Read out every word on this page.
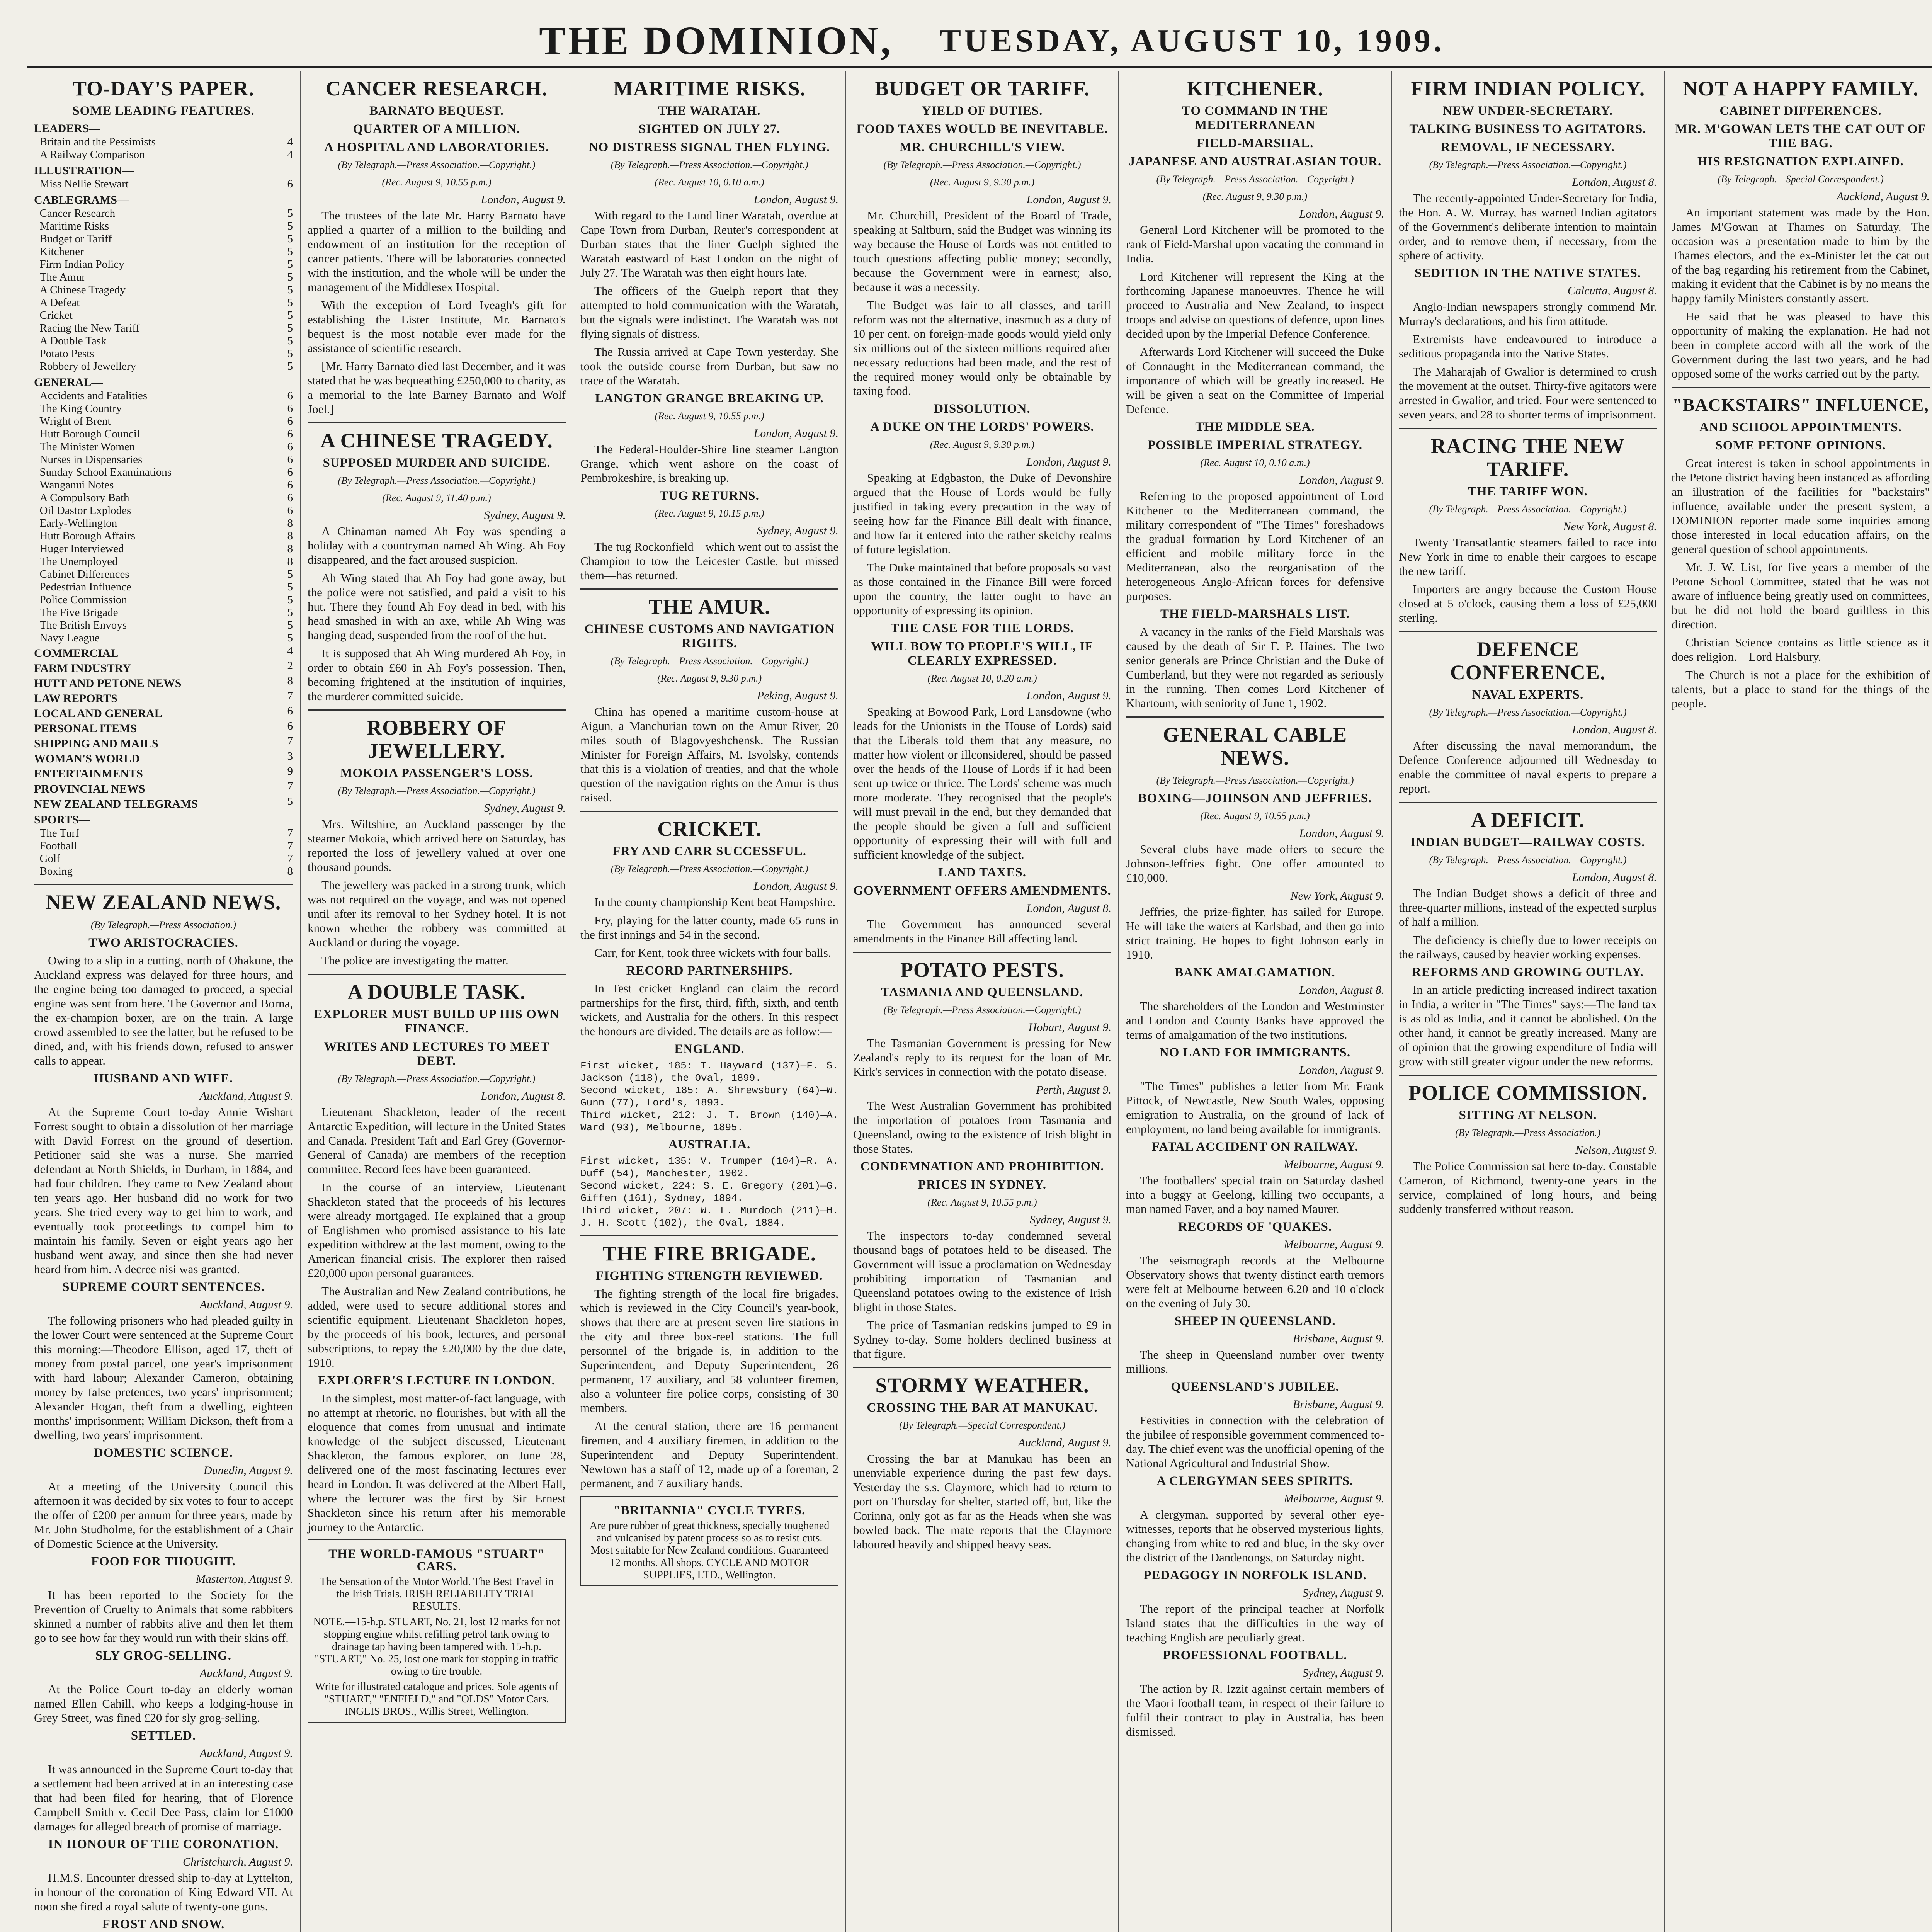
THE DOMINION, TUESDAY, AUGUST 10, 1909.
TO-DAY'S PAPER.
SOME LEADING FEATURES.
LEADERS—
Britain and the Pessimists	4
A Railway Comparison	4
ILLUSTRATION—
Miss Nellie Stewart	6
CABLEGRAMS—
Cancer Research	5
Maritime Risks	5
Budget or Tariff	5
Kitchener	5
Firm Indian Policy	5
The Amur	5
A Chinese Tragedy	5
A Defeat	5
Cricket	5
Racing the New Tariff	5
A Double Task	5
Potato Pests	5
Robbery of Jewellery	5
GENERAL—
Accidents and Fatalities	6
The King Country	6
Wright of Brent	6
Hutt Borough Council	6
The Minister Women	6
Nurses in Dispensaries	6
Sunday School Examinations	6
Wanganui Notes	6
A Compulsory Bath	6
Oil Dastor Explodes	6
Early-Wellington	8
Hutt Borough Affairs	8
Huger Interviewed	8
The Unemployed	8
Cabinet Differences	5
Pedestrian Influence	5
Police Commission	5
The Five Brigade	5
The British Envoys	5
Navy League	5
COMMERCIAL	4
FARM INDUSTRY	2
HUTT AND PETONE NEWS	8
LAW REPORTS	7
LOCAL AND GENERAL	6
PERSONAL ITEMS	6
SHIPPING AND MAILS	7
WOMAN'S WORLD	3
ENTERTAINMENTS	9
PROVINCIAL NEWS	7
NEW ZEALAND TELEGRAMS	5
SPORTS—
The Turf	7
Football	7
Golf	7
Boxing	8
NEW ZEALAND NEWS.
(By Telegraph.—Press Association.)
TWO ARISTOCRACIES.

Owing to a slip in a cutting, north of Ohakune, the Auckland express was delayed for three hours, and the engine being too damaged to proceed, a special engine was sent from here. The Governor and Borna, the ex-champion boxer, are on the train. A large crowd assembled to see the latter, but he refused to be dined, and, with his friends down, refused to answer calls to appear.

HUSBAND AND WIFE.
Auckland, August 9.

At the Supreme Court to-day Annie Wishart Forrest sought to obtain a dissolution of her marriage with David Forrest on the ground of desertion. Petitioner said she was a nurse. She married defendant at North Shields, in Durham, in 1884, and had four children. They came to New Zealand about ten years ago. Her husband did no work for two years. She tried every way to get him to work, and eventually took proceedings to compel him to maintain his family. Seven or eight years ago her husband went away, and since then she had never heard from him. A decree nisi was granted.

SUPREME COURT SENTENCES.
Auckland, August 9.

The following prisoners who had pleaded guilty in the lower Court were sentenced at the Supreme Court this morning:—Theodore Ellison, aged 17, theft of money from postal parcel, one year's imprisonment with hard labour; Alexander Cameron, obtaining money by false pretences, two years' imprisonment; Alexander Hogan, theft from a dwelling, eighteen months' imprisonment; William Dickson, theft from a dwelling, two years' imprisonment.

DOMESTIC SCIENCE.
Dunedin, August 9.

At a meeting of the University Council this afternoon it was decided by six votes to four to accept the offer of £200 per annum for three years, made by Mr. John Studholme, for the establishment of a Chair of Domestic Science at the University.

FOOD FOR THOUGHT.
Masterton, August 9.

It has been reported to the Society for the Prevention of Cruelty to Animals that some rabbiters skinned a number of rabbits alive and then let them go to see how far they would run with their skins off.

SLY GROG-SELLING.
Auckland, August 9.

At the Police Court to-day an elderly woman named Ellen Cahill, who keeps a lodging-house in Grey Street, was fined £20 for sly grog-selling.

SETTLED.
Auckland, August 9.

It was announced in the Supreme Court to-day that a settlement had been arrived at in an interesting case that had been filed for hearing, that of Florence Campbell Smith v. Cecil Dee Pass, claim for £1000 damages for alleged breach of promise of marriage.

IN HONOUR OF THE CORONATION.
Christchurch, August 9.

H.M.S. Encounter dressed ship to-day at Lyttelton, in honour of the coronation of King Edward VII. At noon she fired a royal salute of twenty-one guns.

FROST AND SNOW.

CANCER RESEARCH.
BARNATO BEQUEST.
QUARTER OF A MILLION.
A HOSPITAL AND LABORATORIES.
(By Telegraph.—Press Association.—Copyright.)
(Rec. August 9, 10.55 p.m.)
London, August 9.

The trustees of the late Mr. Harry Barnato have applied a quarter of a million to the building and endowment of an institution for the reception of cancer patients. There will be laboratories connected with the institution, and the whole will be under the management of the Middlesex Hospital.

With the exception of Lord Iveagh's gift for establishing the Lister Institute, Mr. Barnato's bequest is the most notable ever made for the assistance of scientific research.

[Mr. Harry Barnato died last December, and it was stated that he was bequeathing £250,000 to charity, as a memorial to the late Barney Barnato and Wolf Joel.]

A CHINESE TRAGEDY.
SUPPOSED MURDER AND SUICIDE.
(By Telegraph.—Press Association.—Copyright.)
(Rec. August 9, 11.40 p.m.)
Sydney, August 9.

A Chinaman named Ah Foy was spending a holiday with a countryman named Ah Wing. Ah Foy disappeared, and the fact aroused suspicion.

Ah Wing stated that Ah Foy had gone away, but the police were not satisfied, and paid a visit to his hut. There they found Ah Foy dead in bed, with his head smashed in with an axe, while Ah Wing was hanging dead, suspended from the roof of the hut.

It is supposed that Ah Wing murdered Ah Foy, in order to obtain £60 in Ah Foy's possession. Then, becoming frightened at the institution of inquiries, the murderer committed suicide.

ROBBERY OF JEWELLERY.
MOKOIA PASSENGER'S LOSS.
(By Telegraph.—Press Association.—Copyright.)
Sydney, August 9.

Mrs. Wiltshire, an Auckland passenger by the steamer Mokoia, which arrived here on Saturday, has reported the loss of jewellery valued at over one thousand pounds.

The jewellery was packed in a strong trunk, which was not required on the voyage, and was not opened until after its removal to her Sydney hotel. It is not known whether the robbery was committed at Auckland or during the voyage.

The police are investigating the matter.

A DOUBLE TASK.
EXPLORER MUST BUILD UP HIS OWN FINANCE.
WRITES AND LECTURES TO MEET DEBT.
(By Telegraph.—Press Association.—Copyright.)
London, August 8.

Lieutenant Shackleton, leader of the recent Antarctic Expedition, will lecture in the United States and Canada. President Taft and Earl Grey (Governor-General of Canada) are members of the reception committee. Record fees have been guaranteed.

In the course of an interview, Lieutenant Shackleton stated that the proceeds of his lectures were already mortgaged. He explained that a group of Englishmen who promised assistance to his late expedition withdrew at the last moment, owing to the American financial crisis. The explorer then raised £20,000 upon personal guarantees.

The Australian and New Zealand contributions, he added, were used to secure additional stores and scientific equipment. Lieutenant Shackleton hopes, by the proceeds of his book, lectures, and personal subscriptions, to repay the £20,000 by the due date, 1910.

EXPLORER'S LECTURE IN LONDON.

In the simplest, most matter-of-fact language, with no attempt at rhetoric, no flourishes, but with all the eloquence that comes from unusual and intimate knowledge of the subject discussed, Lieutenant Shackleton, the famous explorer, on June 28, delivered one of the most fascinating lectures ever heard in London. It was delivered at the Albert Hall, where the lecturer was the first by Sir Ernest Shackleton since his return after his memorable journey to the Antarctic.

THE WORLD-FAMOUS "STUART" CARS.
The Sensation of the Motor World. The Best Travel in the Irish Trials. IRISH RELIABILITY TRIAL RESULTS.
NOTE.—15-h.p. STUART, No. 21, lost 12 marks for not stopping engine whilst refilling petrol tank owing to drainage tap having been tampered with. 15-h.p. "STUART," No. 25, lost one mark for stopping in traffic owing to tire trouble.
Write for illustrated catalogue and prices. Sole agents of "STUART," "ENFIELD," and "OLDS" Motor Cars. INGLIS BROS., Willis Street, Wellington.
MARITIME RISKS.
THE WARATAH.
SIGHTED ON JULY 27.
NO DISTRESS SIGNAL THEN FLYING.
(By Telegraph.—Press Association.—Copyright.)
(Rec. August 10, 0.10 a.m.)
London, August 9.

With regard to the Lund liner Waratah, overdue at Cape Town from Durban, Reuter's correspondent at Durban states that the liner Guelph sighted the Waratah eastward of East London on the night of July 27. The Waratah was then eight hours late.

The officers of the Guelph report that they attempted to hold communication with the Waratah, but the signals were indistinct. The Waratah was not flying signals of distress.

The Russia arrived at Cape Town yesterday. She took the outside course from Durban, but saw no trace of the Waratah.

LANGTON GRANGE BREAKING UP.
(Rec. August 9, 10.55 p.m.)
London, August 9.

The Federal-Houlder-Shire line steamer Langton Grange, which went ashore on the coast of Pembrokeshire, is breaking up.

TUG RETURNS.
(Rec. August 9, 10.15 p.m.)
Sydney, August 9.

The tug Rockonfield—which went out to assist the Champion to tow the Leicester Castle, but missed them—has returned.

THE AMUR.
CHINESE CUSTOMS AND NAVIGATION RIGHTS.
(By Telegraph.—Press Association.—Copyright.)
(Rec. August 9, 9.30 p.m.)
Peking, August 9.

China has opened a maritime custom-house at Aigun, a Manchurian town on the Amur River, 20 miles south of Blagovyeshchensk. The Russian Minister for Foreign Affairs, M. Isvolsky, contends that this is a violation of treaties, and that the whole question of the navigation rights on the Amur is thus raised.

CRICKET.
FRY AND CARR SUCCESSFUL.
(By Telegraph.—Press Association.—Copyright.)
London, August 9.

In the county championship Kent beat Hampshire.

Fry, playing for the latter county, made 65 runs in the first innings and 54 in the second.

Carr, for Kent, took three wickets with four balls.

RECORD PARTNERSHIPS.

In Test cricket England can claim the record partnerships for the first, third, fifth, sixth, and tenth wickets, and Australia for the others. In this respect the honours are divided. The details are as follow:—

ENGLAND.

First wicket, 185: T. Hayward (137)—F. S. Jackson (118), the Oval, 1899.
Second wicket, 185: A. Shrewsbury (64)—W. Gunn (77), Lord's, 1893.
Third wicket, 212: J. T. Brown (140)—A. Ward (93), Melbourne, 1895.

AUSTRALIA.

First wicket, 135: V. Trumper (104)—R. A. Duff (54), Manchester, 1902.
Second wicket, 224: S. E. Gregory (201)—G. Giffen (161), Sydney, 1894.
Third wicket, 207: W. L. Murdoch (211)—H. J. H. Scott (102), the Oval, 1884.

THE FIRE BRIGADE.
FIGHTING STRENGTH REVIEWED.

The fighting strength of the local fire brigades, which is reviewed in the City Council's year-book, shows that there are at present seven fire stations in the city and three box-reel stations. The full personnel of the brigade is, in addition to the Superintendent, and Deputy Superintendent, 26 permanent, 17 auxiliary, and 58 volunteer firemen, also a volunteer fire police corps, consisting of 30 members.

At the central station, there are 16 permanent firemen, and 4 auxiliary firemen, in addition to the Superintendent and Deputy Superintendent. Newtown has a staff of 12, made up of a foreman, 2 permanent, and 7 auxiliary hands.

"BRITANNIA" CYCLE TYRES.
Are pure rubber of great thickness, specially toughened and vulcanised by patent process so as to resist cuts. Most suitable for New Zealand conditions. Guaranteed 12 months. All shops. CYCLE AND MOTOR SUPPLIES, LTD., Wellington.
BUDGET OR TARIFF.
YIELD OF DUTIES.
FOOD TAXES WOULD BE INEVITABLE.
MR. CHURCHILL'S VIEW.
(By Telegraph.—Press Association.—Copyright.)
(Rec. August 9, 9.30 p.m.)
London, August 9.

Mr. Churchill, President of the Board of Trade, speaking at Saltburn, said the Budget was winning its way because the House of Lords was not entitled to touch questions affecting public money; secondly, because the Government were in earnest; also, because it was a necessity.

The Budget was fair to all classes, and tariff reform was not the alternative, inasmuch as a duty of 10 per cent. on foreign-made goods would yield only six millions out of the sixteen millions required after necessary reductions had been made, and the rest of the required money would only be obtainable by taxing food.

DISSOLUTION.
A DUKE ON THE LORDS' POWERS.
(Rec. August 9, 9.30 p.m.)
London, August 9.

Speaking at Edgbaston, the Duke of Devonshire argued that the House of Lords would be fully justified in taking every precaution in the way of seeing how far the Finance Bill dealt with finance, and how far it entered into the rather sketchy realms of future legislation.

The Duke maintained that before proposals so vast as those contained in the Finance Bill were forced upon the country, the latter ought to have an opportunity of expressing its opinion.

THE CASE FOR THE LORDS.
WILL BOW TO PEOPLE'S WILL, IF CLEARLY EXPRESSED.
(Rec. August 10, 0.20 a.m.)
London, August 9.

Speaking at Bowood Park, Lord Lansdowne (who leads for the Unionists in the House of Lords) said that the Liberals told them that any measure, no matter how violent or illconsidered, should be passed over the heads of the House of Lords if it had been sent up twice or thrice. The Lords' scheme was much more moderate. They recognised that the people's will must prevail in the end, but they demanded that the people should be given a full and sufficient opportunity of expressing their will with full and sufficient knowledge of the subject.

LAND TAXES.
GOVERNMENT OFFERS AMENDMENTS.
London, August 8.

The Government has announced several amendments in the Finance Bill affecting land.

POTATO PESTS.
TASMANIA AND QUEENSLAND.
(By Telegraph.—Press Association.—Copyright.)
Hobart, August 9.

The Tasmanian Government is pressing for New Zealand's reply to its request for the loan of Mr. Kirk's services in connection with the potato disease.

Perth, August 9.

The West Australian Government has prohibited the importation of potatoes from Tasmania and Queensland, owing to the existence of Irish blight in those States.

CONDEMNATION AND PROHIBITION.
PRICES IN SYDNEY.
(Rec. August 9, 10.55 p.m.)
Sydney, August 9.

The inspectors to-day condemned several thousand bags of potatoes held to be diseased. The Government will issue a proclamation on Wednesday prohibiting importation of Tasmanian and Queensland potatoes owing to the existence of Irish blight in those States.

The price of Tasmanian redskins jumped to £9 in Sydney to-day. Some holders declined business at that figure.

STORMY WEATHER.
CROSSING THE BAR AT MANUKAU.
(By Telegraph.—Special Correspondent.)
Auckland, August 9.

Crossing the bar at Manukau has been an unenviable experience during the past few days. Yesterday the s.s. Claymore, which had to return to port on Thursday for shelter, started off, but, like the Corinna, only got as far as the Heads when she was bowled back. The mate reports that the Claymore laboured heavily and shipped heavy seas.

KITCHENER.
TO COMMAND IN THE MEDITERRANEAN
FIELD-MARSHAL.
JAPANESE AND AUSTRALASIAN TOUR.
(By Telegraph.—Press Association.—Copyright.)
(Rec. August 9, 9.30 p.m.)
London, August 9.

General Lord Kitchener will be promoted to the rank of Field-Marshal upon vacating the command in India.

Lord Kitchener will represent the King at the forthcoming Japanese manoeuvres. Thence he will proceed to Australia and New Zealand, to inspect troops and advise on questions of defence, upon lines decided upon by the Imperial Defence Conference.

Afterwards Lord Kitchener will succeed the Duke of Connaught in the Mediterranean command, the importance of which will be greatly increased. He will be given a seat on the Committee of Imperial Defence.

THE MIDDLE SEA.
POSSIBLE IMPERIAL STRATEGY.
(Rec. August 10, 0.10 a.m.)
London, August 9.

Referring to the proposed appointment of Lord Kitchener to the Mediterranean command, the military correspondent of "The Times" foreshadows the gradual formation by Lord Kitchener of an efficient and mobile military force in the Mediterranean, also the reorganisation of the heterogeneous Anglo-African forces for defensive purposes.

THE FIELD-MARSHALS LIST.

A vacancy in the ranks of the Field Marshals was caused by the death of Sir F. P. Haines. The two senior generals are Prince Christian and the Duke of Cumberland, but they were not regarded as seriously in the running. Then comes Lord Kitchener of Khartoum, with seniority of June 1, 1902.

GENERAL CABLE NEWS.
(By Telegraph.—Press Association.—Copyright.)
BOXING—JOHNSON AND JEFFRIES.
(Rec. August 9, 10.55 p.m.)
London, August 9.

Several clubs have made offers to secure the Johnson-Jeffries fight. One offer amounted to £10,000.

New York, August 9.

Jeffries, the prize-fighter, has sailed for Europe. He will take the waters at Karlsbad, and then go into strict training. He hopes to fight Johnson early in 1910.

BANK AMALGAMATION.
London, August 8.

The shareholders of the London and Westminster and London and County Banks have approved the terms of amalgamation of the two institutions.

NO LAND FOR IMMIGRANTS.
London, August 9.

"The Times" publishes a letter from Mr. Frank Pittock, of Newcastle, New South Wales, opposing emigration to Australia, on the ground of lack of employment, no land being available for immigrants.

FATAL ACCIDENT ON RAILWAY.
Melbourne, August 9.

The footballers' special train on Saturday dashed into a buggy at Geelong, killing two occupants, a man named Faver, and a boy named Maurer.

RECORDS OF 'QUAKES.
Melbourne, August 9.

The seismograph records at the Melbourne Observatory shows that twenty distinct earth tremors were felt at Melbourne between 6.20 and 10 o'clock on the evening of July 30.

SHEEP IN QUEENSLAND.
Brisbane, August 9.

The sheep in Queensland number over twenty millions.

QUEENSLAND'S JUBILEE.
Brisbane, August 9.

Festivities in connection with the celebration of the jubilee of responsible government commenced to-day. The chief event was the unofficial opening of the National Agricultural and Industrial Show.

A CLERGYMAN SEES SPIRITS.
Melbourne, August 9.

A clergyman, supported by several other eye-witnesses, reports that he observed mysterious lights, changing from white to red and blue, in the sky over the district of the Dandenongs, on Saturday night.

PEDAGOGY IN NORFOLK ISLAND.
Sydney, August 9.

The report of the principal teacher at Norfolk Island states that the difficulties in the way of teaching English are peculiarly great.

PROFESSIONAL FOOTBALL.
Sydney, August 9.

The action by R. Izzit against certain members of the Maori football team, in respect of their failure to fulfil their contract to play in Australia, has been dismissed.

FIRM INDIAN POLICY.
NEW UNDER-SECRETARY.
TALKING BUSINESS TO AGITATORS.
REMOVAL, IF NECESSARY.
(By Telegraph.—Press Association.—Copyright.)
London, August 8.

The recently-appointed Under-Secretary for India, the Hon. A. W. Murray, has warned Indian agitators of the Government's deliberate intention to maintain order, and to remove them, if necessary, from the sphere of activity.

SEDITION IN THE NATIVE STATES.
Calcutta, August 8.

Anglo-Indian newspapers strongly commend Mr. Murray's declarations, and his firm attitude.

Extremists have endeavoured to introduce a seditious propaganda into the Native States.

The Maharajah of Gwalior is determined to crush the movement at the outset. Thirty-five agitators were arrested in Gwalior, and tried. Four were sentenced to seven years, and 28 to shorter terms of imprisonment.

RACING THE NEW TARIFF.
THE TARIFF WON.
(By Telegraph.—Press Association.—Copyright.)
New York, August 8.

Twenty Transatlantic steamers failed to race into New York in time to enable their cargoes to escape the new tariff.

Importers are angry because the Custom House closed at 5 o'clock, causing them a loss of £25,000 sterling.

DEFENCE CONFERENCE.
NAVAL EXPERTS.
(By Telegraph.—Press Association.—Copyright.)
London, August 8.

After discussing the naval memorandum, the Defence Conference adjourned till Wednesday to enable the committee of naval experts to prepare a report.

A DEFICIT.
INDIAN BUDGET—RAILWAY COSTS.
(By Telegraph.—Press Association.—Copyright.)
London, August 8.

The Indian Budget shows a deficit of three and three-quarter millions, instead of the expected surplus of half a million.

The deficiency is chiefly due to lower receipts on the railways, caused by heavier working expenses.

REFORMS AND GROWING OUTLAY.

In an article predicting increased indirect taxation in India, a writer in "The Times" says:—The land tax is as old as India, and it cannot be abolished. On the other hand, it cannot be greatly increased. Many are of opinion that the growing expenditure of India will grow with still greater vigour under the new reforms.

POLICE COMMISSION.
SITTING AT NELSON.
(By Telegraph.—Press Association.)
Nelson, August 9.

The Police Commission sat here to-day. Constable Cameron, of Richmond, twenty-one years in the service, complained of long hours, and being suddenly transferred without reason.

NOT A HAPPY FAMILY.
CABINET DIFFERENCES.
MR. M'GOWAN LETS THE CAT OUT OF THE BAG.
HIS RESIGNATION EXPLAINED.
(By Telegraph.—Special Correspondent.)
Auckland, August 9.

An important statement was made by the Hon. James M'Gowan at Thames on Saturday. The occasion was a presentation made to him by the Thames electors, and the ex-Minister let the cat out of the bag regarding his retirement from the Cabinet, making it evident that the Cabinet is by no means the happy family Ministers constantly assert.

He said that he was pleased to have this opportunity of making the explanation. He had not been in complete accord with all the work of the Government during the last two years, and he had opposed some of the works carried out by the party.

"BACKSTAIRS" INFLUENCE,
AND SCHOOL APPOINTMENTS.
SOME PETONE OPINIONS.

Great interest is taken in school appointments in the Petone district having been instanced as affording an illustration of the facilities for "backstairs" influence, available under the present system, a DOMINION reporter made some inquiries among those interested in local education affairs, on the general question of school appointments.

Mr. J. W. List, for five years a member of the Petone School Committee, stated that he was not aware of influence being greatly used on committees, but he did not hold the board guiltless in this direction.

Christian Science contains as little science as it does religion.—Lord Halsbury.

The Church is not a place for the exhibition of talents, but a place to stand for the things of the people.
